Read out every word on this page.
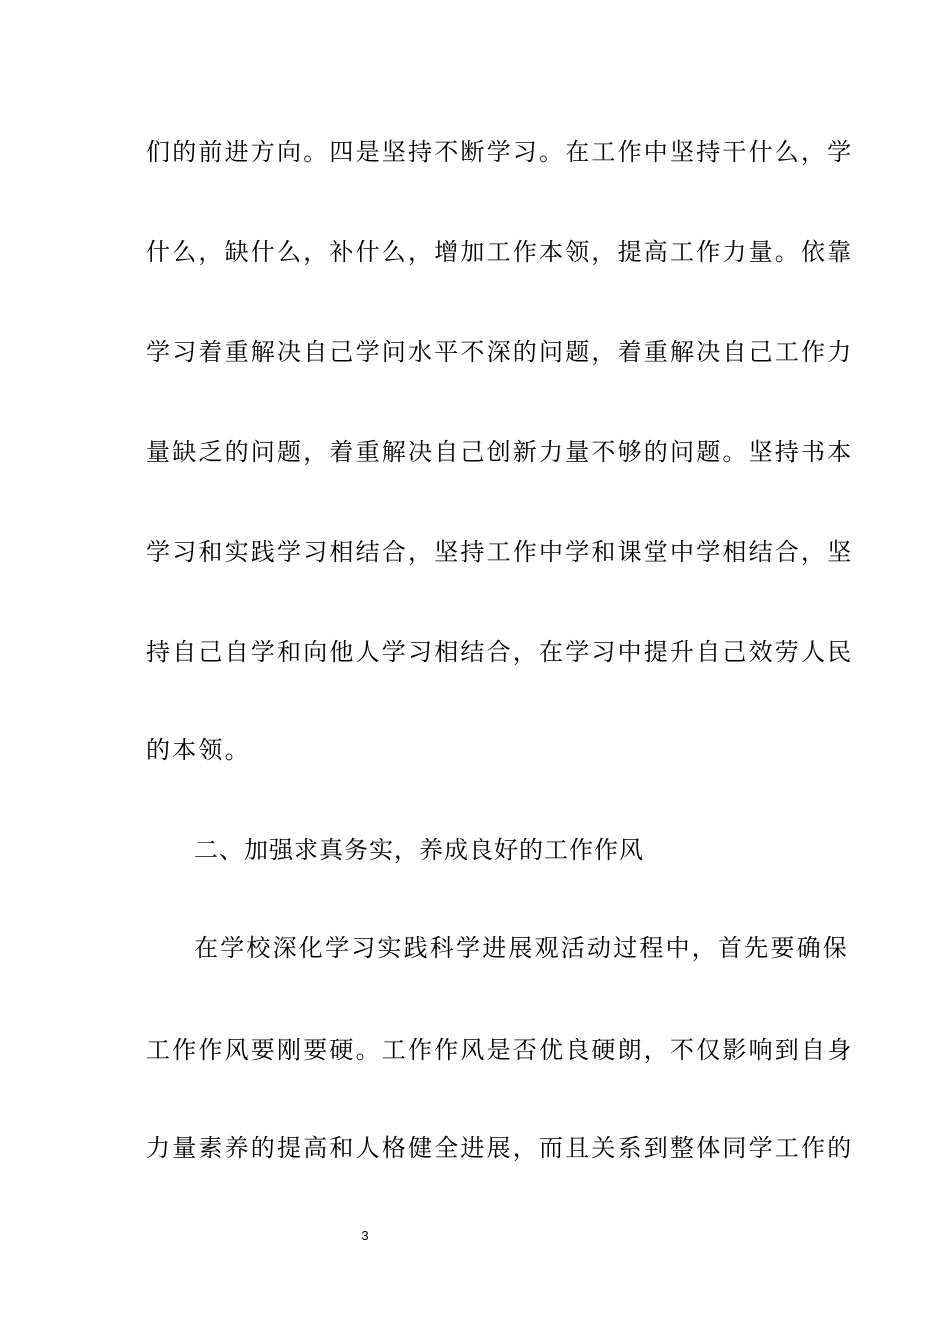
们的前进方向。四是坚持不断学习。在工作中坚持干什么，学
什么，缺什么，补什么，增加工作本领，提高工作力量。依靠
学习着重解决自己学问水平不深的问题，着重解决自己工作力
量缺乏的问题，着重解决自己创新力量不够的问题。坚持书本
学习和实践学习相结合，坚持工作中学和课堂中学相结合，坚
持自己自学和向他人学习相结合，在学习中提升自己效劳人民
的本领。
二、加强求真务实，养成良好的工作作风
在学校深化学习实践科学进展观活动过程中，首先要确保
工作作风要刚要硬。工作作风是否优良硬朗，不仅影响到自身
力量素养的提高和人格健全进展，而且关系到整体同学工作的
3
